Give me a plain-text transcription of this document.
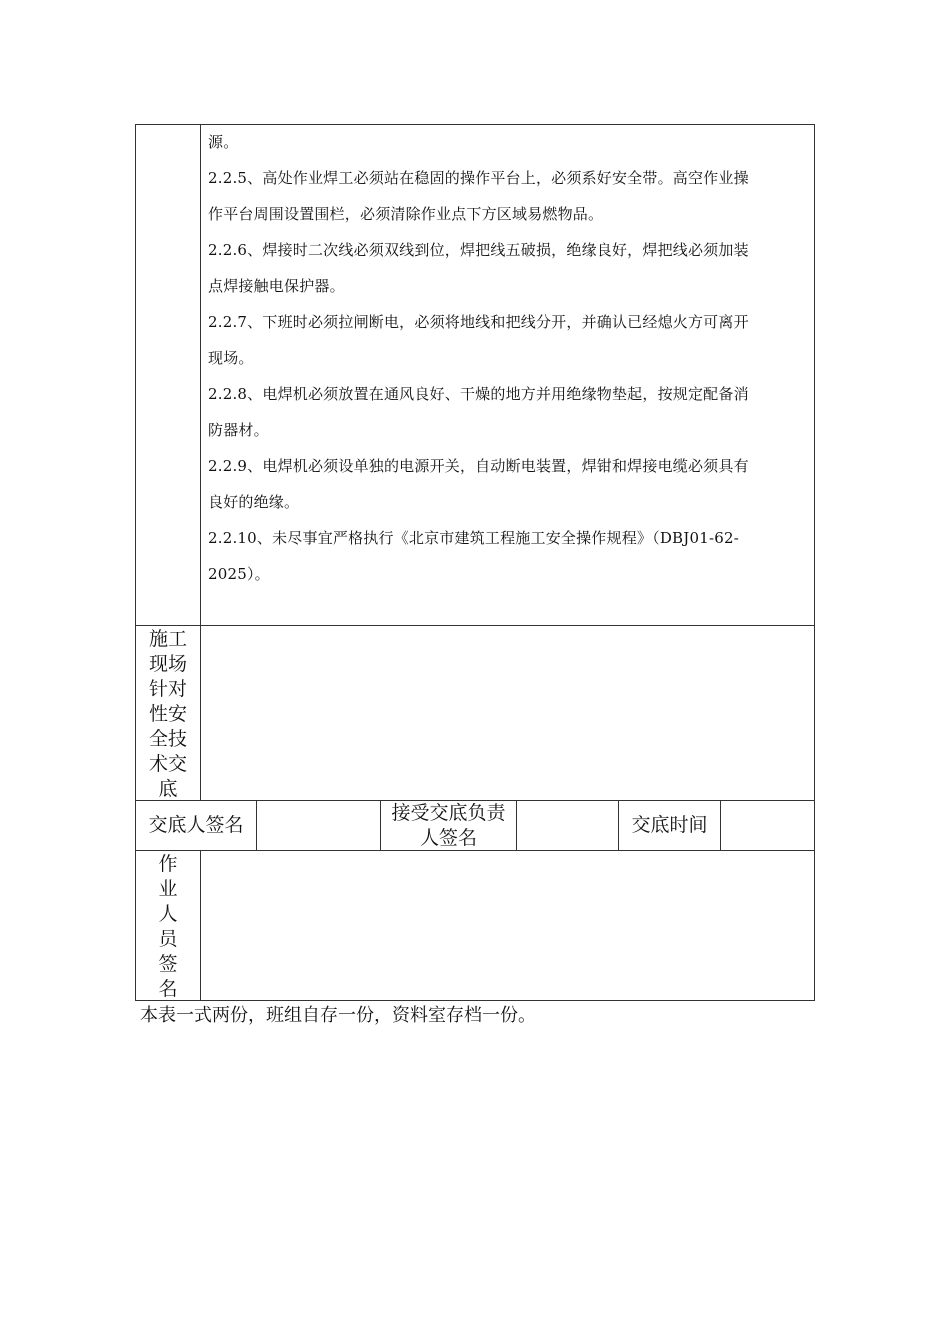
源。
2.2.5、高处作业焊工必须站在稳固的操作平台上，必须系好安全带。高空作业操
作平台周围设置围栏，必须清除作业点下方区域易燃物品。
2.2.6、焊接时二次线必须双线到位，焊把线五破损，绝缘良好，焊把线必须加装
点焊接触电保护器。
2.2.7、下班时必须拉闸断电，必须将地线和把线分开，并确认已经熄火方可离开
现场。
2.2.8、电焊机必须放置在通风良好、干燥的地方并用绝缘物垫起，按规定配备消
防器材。
2.2.9、电焊机必须设单独的电源开关，自动断电装置，焊钳和焊接电缆必须具有
良好的绝缘。
2.2.10、未尽事宜严格执行《北京市建筑工程施工安全操作规程》（DBJ01-62-
2025）。
施工
现场
针对
性安
全技
术交
底
交底人签名
接受交底负责
人签名
交底时间
作
业
人
员
签
名
本表一式两份，班组自存一份，资料室存档一份。
